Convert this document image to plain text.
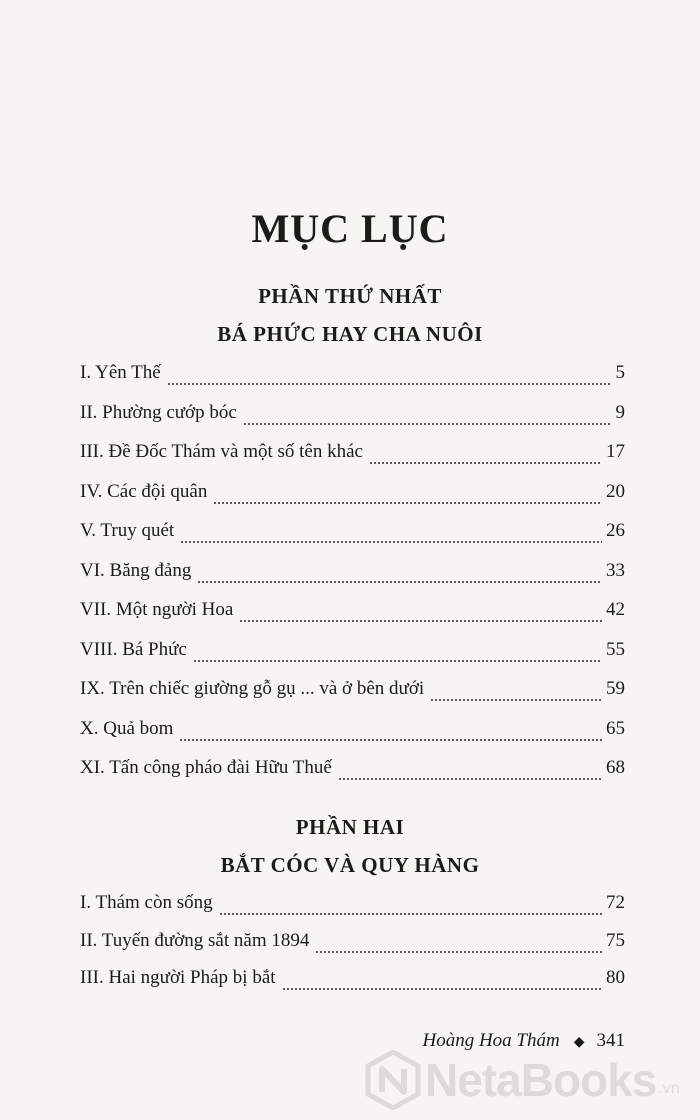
MỤC LỤC
PHẦN THỨ NHẤT
BÁ PHỨC HAY CHA NUÔI
I. Yên Thế	5
II. Phường cướp bóc	9
III. Đề Đốc Thám và một số tên khác	17
IV. Các đội quân	20
V. Truy quét	26
VI. Băng đảng	33
VII. Một người Hoa	42
VIII. Bá Phức	55
IX. Trên chiếc giường gỗ gụ ... và ở bên dưới	59
X. Quả bom	65
XI. Tấn công pháo đài Hữu Thuế	68
PHẦN HAI
BẮT CÓC VÀ QUY HÀNG
I. Thám còn sống	72
II. Tuyến đường sắt năm 1894	75
III. Hai người Pháp bị bắt	80
Hoàng Hoa Thám ◆ 341
NetaBooks .vn
